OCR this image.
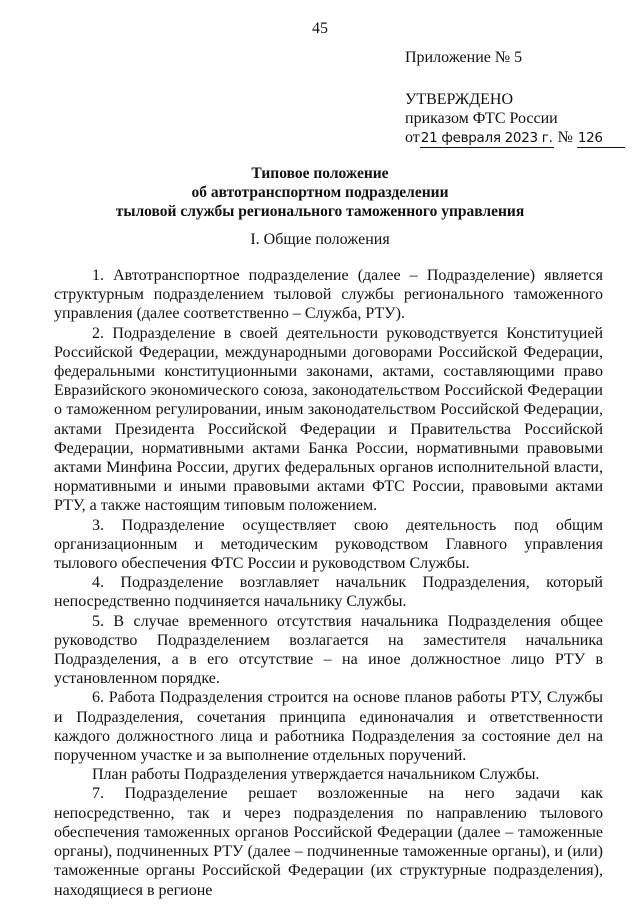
45
Приложение № 5
УТВЕРЖДЕНО
приказом ФТС России
от21 февраля 2023 г. № 126
Типовое положение
об автотранспортном подразделении
тыловой службы регионального таможенного управления
I. Общие положения

1. Автотранспортное подразделение (далее – Подразделение) является структурным подразделением тыловой службы регионального таможенного управления (далее соответственно – Служба, РТУ).

2. Подразделение в своей деятельности руководствуется Конституцией Российской Федерации, международными договорами Российской Федерации, федеральными конституционными законами, актами, составляющими право Евразийского экономического союза, законодательством Российской Федерации о таможенном регулировании, иным законодательством Российской Федерации, актами Президента Российской Федерации и Правительства Российской Федерации, нормативными актами Банка России, нормативными правовыми актами Минфина России, других федеральных органов исполнительной власти, нормативными и иными правовыми актами ФТС России, правовыми актами РТУ, а также настоящим типовым положением.

3. Подразделение осуществляет свою деятельность под общим организационным и методическим руководством Главного управления тылового обеспечения ФТС России и руководством Службы.

4. Подразделение возглавляет начальник Подразделения, который непосредственно подчиняется начальнику Службы.

5. В случае временного отсутствия начальника Подразделения общее руководство Подразделением возлагается на заместителя начальника Подразделения, а в его отсутствие – на иное должностное лицо РТУ в установленном порядке.

6. Работа Подразделения строится на основе планов работы РТУ, Службы и Подразделения, сочетания принципа единоначалия и ответственности каждого должностного лица и работника Подразделения за состояние дел на порученном участке и за выполнение отдельных поручений.

План работы Подразделения утверждается начальником Службы.

7. Подразделение решает возложенные на него задачи как непосредственно, так и через подразделения по направлению тылового обеспечения таможенных органов Российской Федерации (далее – таможенные органы), подчиненных РТУ (далее – подчиненные таможенные органы), и (или) таможенные органы Российской Федерации (их структурные подразделения), находящиеся в регионе
